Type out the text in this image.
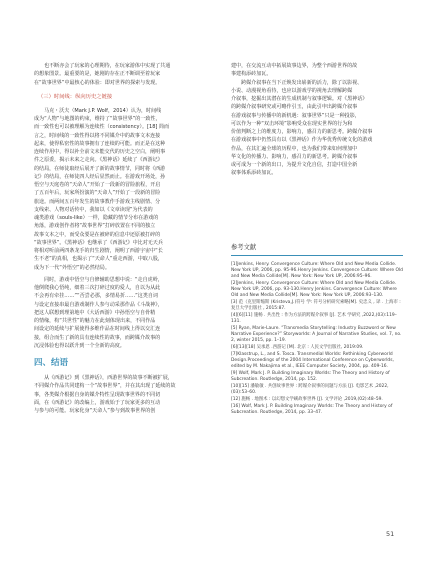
也不断亦会了玩家的心理期待，在玩家游体中实现了共通

的想象图景。最重要的是，她刚的存在正不断调至着玩家

在“故事世界”中最核心的体验：即对世界的探索与发现。

（三）时间线：纵向历史之链接

马克・沃夫（Mark J.P. Wolf，2014）认为，时间线

成为“人物”与地图的约束，维持了“故事世界”的一致性，

而一致性也可以被理解为连续性（consistency）。[18] 简而

言之，时间线的一致性得以将不同媒介中的故事文本连接

起来，使得私密性的故事拥有了连续的可能。而正是在这种

连续作用中，得以补全前文未能交代的历史之空白，阐明事

件之原委，揭示未来之走向。《黑神话》延续了《西游记》

的结局，在师徒取经后展开了新的故事情节，同时将《西游

记》的结局，在师徒四人经后显然而止。在游戏开场处，孙

悟空与天庭卷的“天命人”开始了一段新的冒险旅程，开启

了五百年后，玩家所扮演的“天命人”开始了一段新的冒险

旅途。而两间五百年发生的故事教作手游戏主线剧情、分

支线索、人物对话传中，我如以《文章读现”为代表的

魂类游戏（souls-like）一样，隐藏的情节分布在游戏的

角落，游戏创作者将“故事世界”打碎放置在不同的独立

故事文本之中，而受众要是在被碎的信息中还原被打碎的

“故事世界”。《黑神话》也继承了《西游记》中比对无天兵

将相对听前两四条龙手的归生剧情，阐明了西游宇宙中“长

生不老”的真相，也揭示了“天命人”重走西游，中取八股，

成为下一代“外悟空”的必然结局。

同时，游戏中悟空与自修辅助思想中说：“走自虎岭，

他倒爬我心悟纯，细着三次打碎过度的爱人，自以为从此

不会再有牵挂……”“否尝必那，多情易折……”这类自词

与设定直接串最自游戏制作人参与动采那作品《斗战神》，

把这人联想到理第地中《大话西游》中孙悟空与自骨精

的情缘，构“共世性”的魅力在此刻体现出来，不同作品

间设定的延续与扩展使得多维作品在时间线上得以交汇连

接，组合而生了新的具有连续性的故事，而跨媒介故事的

沉浸体验也得以跃升到一个全新的高度。

四、结语

从《西游记》到《黑神话》，西游世界的故事不断被扩展，

不同媒介作品共同建构一个“故事世界”，并在其出现了延续的故

事，各类媒介根据自身的媒介特性呈现故事世界的不同切

面，在《西游记》的改编上，游戏始于了玩家更多的互动

与参与的可能。玩家化身“天命人”参与到故事世界的创

建中，在交流互动中拓展故事边界，为整个西游世界的故

事建构添砖加瓦。

跨媒介叙事在当下正焕发出崭新的活力，除了以影视、

小说、动漫视角看待，也应以游戏学的视角去理解跨媒

介叙事，挖掘出其潜在的生成机制与叙事逻辑。对《黑神话》

的跨媒介叙事研究或可略作引玉，由此引申出跨媒介叙事

在游戏叙事与传播中的新机遇：叙事世界”只是一种投影，

可以作为一种“双击环境”影响受众在现实世界的行为和

价值判断之上的维度力，影响力，感召力的新思考。跨媒介叙事

在游戏叙事中仍然具有以《黑神话》作为华优秀传统文化的游戏

作品，在其汇遍全球的历程中，也为我们带来如何理加中

华文化的传播力、影响力，感召力的新思考。跨媒介叙事

或可成为一个新的出口，为提升文化自信，打造中国全新

叙事体系添砖加瓦。

参考文献

[1]Jenkins, Henry. Convergence Culture: Where Old and New Media Collide. New York UP, 2006, pp. 95-96.Henry Jenkins. Convergence Culture: Where Old and New Media Collide[M]. New York: New York UP, 2006:95–96.

[2]Jenkins, Henry. Convergence Culture: Where Old and New Media Collide. New York UP, 2006, pp. 93-130.Henry Jenkins. Convergence Culture: Where Old and New Media Collide[M]. New York: New York UP, 2006:93–130.

[3] 范（克里斯缩斯 (Kristeva,J.)符号 学: 符号分析研究索略[M]. 史忠义 , 译 . 上海市 : 复旦大学出版社 , 2015:87.

[4][6][11] 施畅 . 共出性 : 作为方法的跨媒介叙事 [J]. 艺术 学研究 ,2022,(03):119–131.

[5] Ryan, Marie-Laure. “Transmedia Storytelling: Industry Buzzword or New Narrative Experience?” Storyworlds: A Journal of Narrative Studies, vol. 7, no. 2, winter 2015, pp. 1–19.

[6][13][18] 吴承恩 .西游记 [M]. 北京 : 人民文学出版社, 2019:09.

[7]Klasstrup, L., and S. Tosca. Transmedial Worlds: Rethinking Cyberworld Design.Proceedings of the 2004 International Conference on Cyberworlds, edited by M. Nakajima et al., IEEE Computer Society, 2004, pp. 409-16.

[9] Wolf, Mark J. P. Building Imaginary Worlds: The Theory and History of Subcreation. Routledge, 2014, pp. 152.

[10][15] 潘敏敏 . 共创故事世界 : 跨媒介叙事的问题与方法 [J]. 电影艺术 ,2022,(03):53–60.

[12] 施畅 . 地图术 : 以幻想文学刷故事世界 [J]. 文学评论 ,2019,(02):48–59.

[16] Wolf, Mark J. P. Building Imaginary Worlds: The Theory and History of Subcreation. Routledge, 2014, pp. 33–47.

51
